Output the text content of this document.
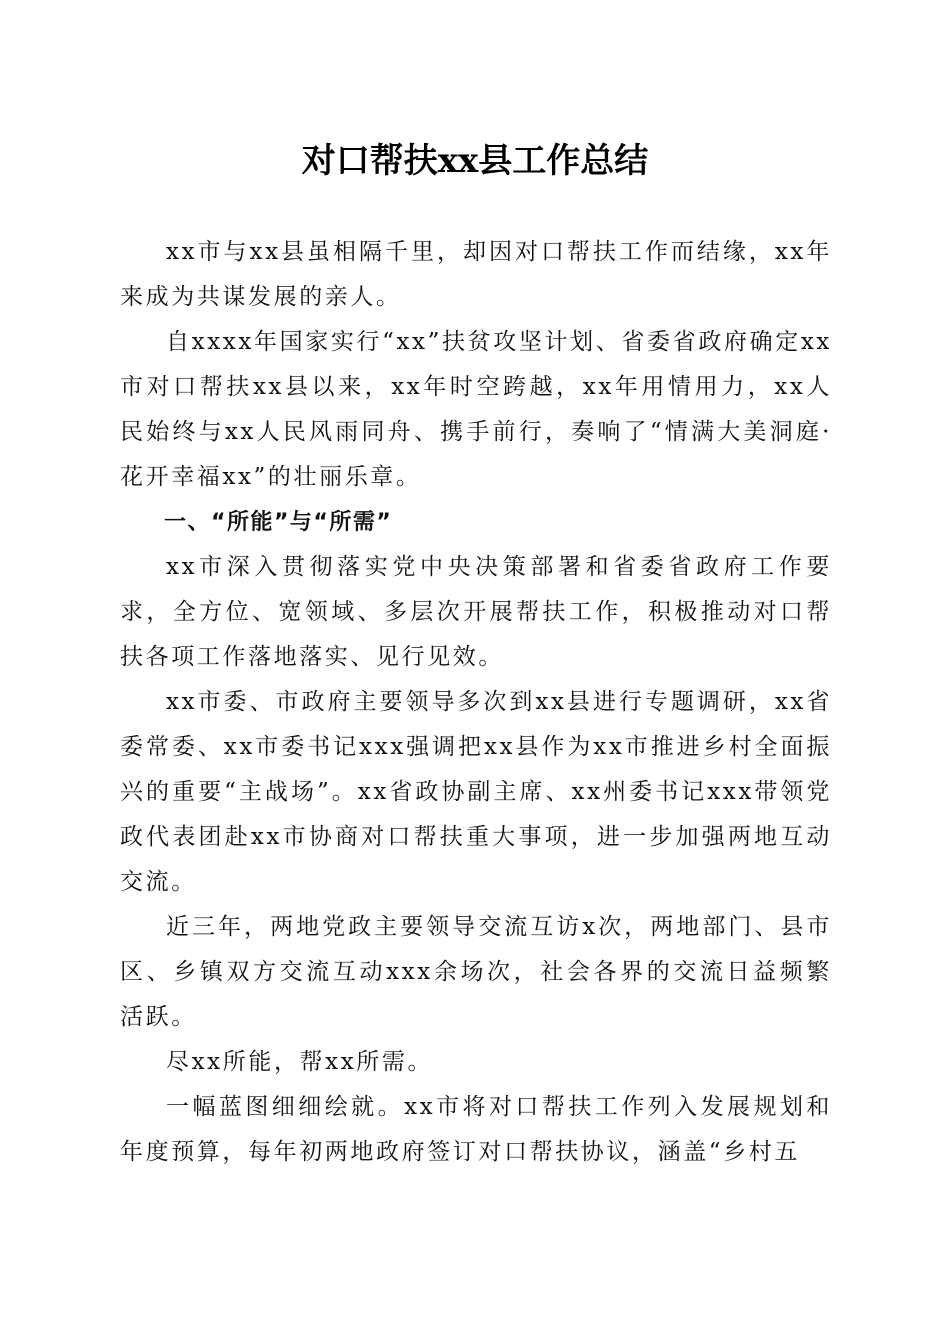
对口帮扶xx县工作总结

xx市与xx县虽相隔千里，却因对口帮扶工作而结缘，xx年来成为共谋发展的亲人。

自xxxx年国家实行“xx”扶贫攻坚计划、省委省政府确定xx市对口帮扶xx县以来，xx年时空跨越，xx年用情用力，xx人民始终与xx人民风雨同舟、携手前行，奏响了“情满大美洞庭·花开幸福xx”的壮丽乐章。

一、“所能”与“所需”

xx市深入贯彻落实党中央决策部署和省委省政府工作要求，全方位、宽领域、多层次开展帮扶工作，积极推动对口帮扶各项工作落地落实、见行见效。

xx市委、市政府主要领导多次到xx县进行专题调研，xx省委常委、xx市委书记xxx强调把xx县作为xx市推进乡村全面振兴的重要“主战场”。xx省政协副主席、xx州委书记xxx带领党政代表团赴xx市协商对口帮扶重大事项，进一步加强两地互动交流。

近三年，两地党政主要领导交流互访x次，两地部门、县市区、乡镇双方交流互动xxx余场次，社会各界的交流日益频繁活跃。

尽xx所能，帮xx所需。

一幅蓝图细细绘就。xx市将对口帮扶工作列入发展规划和年度预算，每年初两地政府签订对口帮扶协议，涵盖“乡村五
